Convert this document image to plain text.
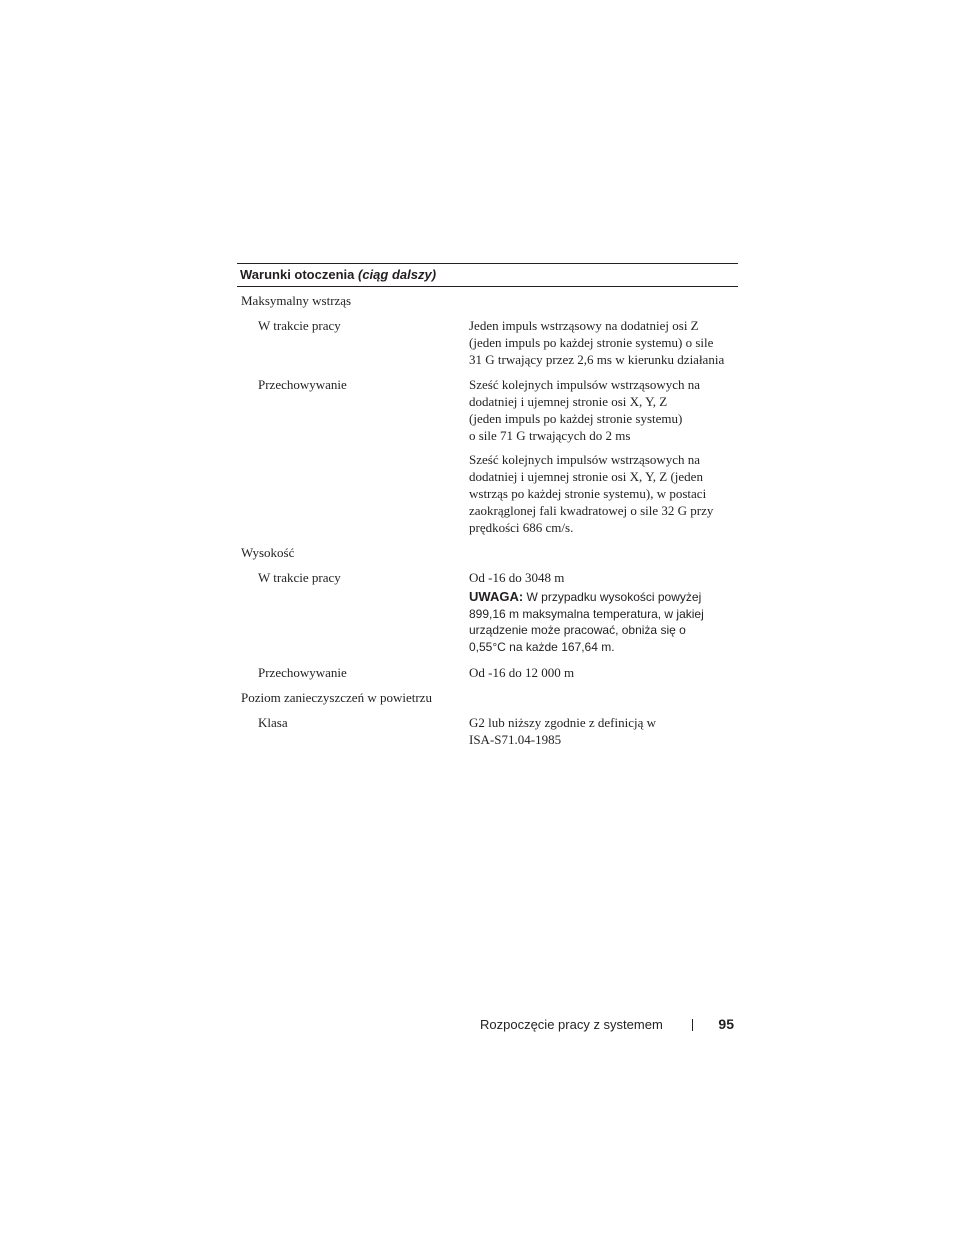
Warunki otoczenia (ciąg dalszy)
Maksymalny wstrząs
W trakcie pracy	Jeden impuls wstrząsowy na dodatniej osi Z
(jeden impuls po każdej stronie systemu) o sile
31 G trwający przez 2,6 ms w kierunku działania
Przechowywanie	Sześć kolejnych impulsów wstrząsowych na
dodatniej i ujemnej stronie osi X, Y, Z
(jeden impuls po każdej stronie systemu)
o sile 71 G trwających do 2 ms
Sześć kolejnych impulsów wstrząsowych na
dodatniej i ujemnej stronie osi X, Y, Z (jeden
wstrząs po każdej stronie systemu), w postaci
zaokrąglonej fali kwadratowej o sile 32 G przy
prędkości 686 cm/s.
Wysokość
W trakcie pracy	Od -16 do 3048 m
UWAGA: W przypadku wysokości powyżej
899,16 m maksymalna temperatura, w jakiej
urządzenie może pracować, obniża się o
0,55°C na każde 167,64 m.
Przechowywanie	Od -16 do 12 000 m
Poziom zanieczyszczeń w powietrzu
Klasa	G2 lub niższy zgodnie z definicją w
ISA-S71.04-1985
Rozpoczęcie pracy z systemem	95
